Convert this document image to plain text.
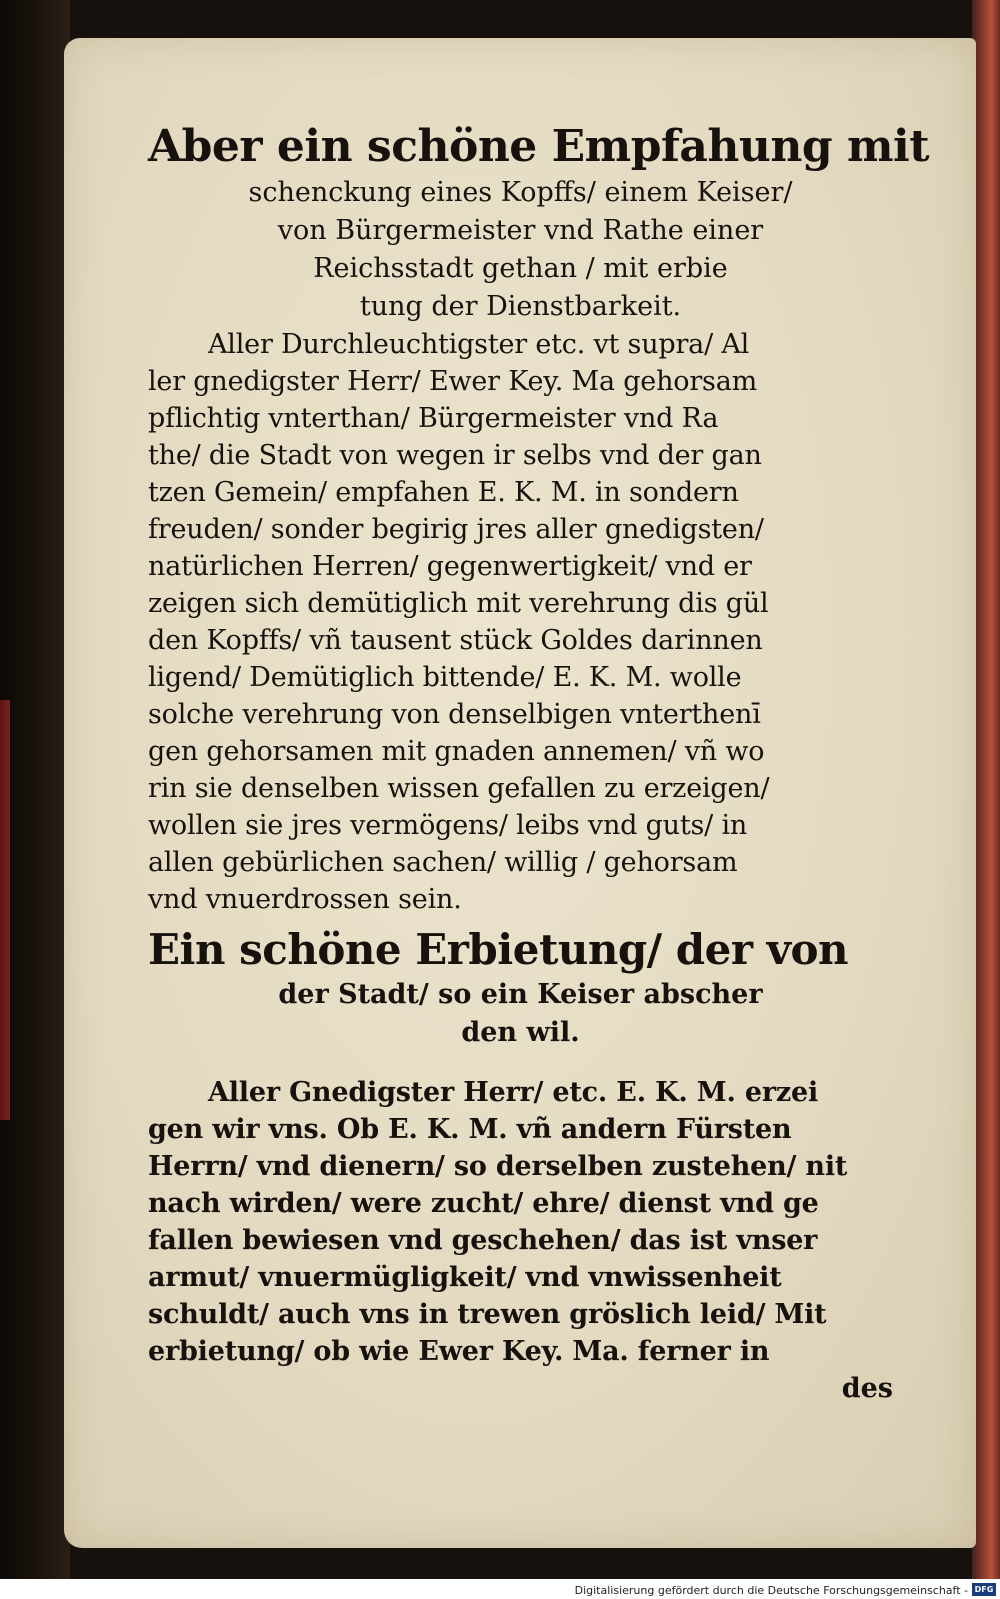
Aber ein schöne Empfahung mit
schenckung eines Kopffs/ einem Keiser/
von Bürgermeister vnd Rathe einer
Reichsstadt gethan / mit erbie
tung der Dienstbarkeit.
Aller Durchleuchtigster etc. vt supra/ Al
ler gnedigster Herr/ Ewer Key. Ma gehorsam
pflichtig vnterthan/ Bürgermeister vnd Ra
the/ die Stadt von wegen ir selbs vnd der gan
tzen Gemein/ empfahen E. K. M. in sondern
freuden/ sonder begirig jres aller gnedigsten/
natürlichen Herren/ gegenwertigkeit/ vnd er
zeigen sich demütiglich mit verehrung dis gül
den Kopffs/ vñ tausent stück Goldes darinnen
ligend/ Demütiglich bittende/ E. K. M. wolle
solche verehrung von denselbigen vnterthenī
gen gehorsamen mit gnaden annemen/ vñ wo
rin sie denselben wissen gefallen zu erzeigen/
wollen sie jres vermögens/ leibs vnd guts/ in
allen gebürlichen sachen/ willig / gehorsam
vnd vnuerdrossen sein.
Ein schöne Erbietung/ der von
der Stadt/ so ein Keiser abscher
den wil.
Aller Gnedigster Herr/ etc. E. K. M. erzei
gen wir vns. Ob E. K. M. vñ andern Fürsten
Herrn/ vnd dienern/ so derselben zustehen/ nit
nach wirden/ were zucht/ ehre/ dienst vnd ge
fallen bewiesen vnd geschehen/ das ist vnser
armut/ vnuermügligkeit/ vnd vnwissenheit
schuldt/ auch vns in trewen gröslich leid/ Mit
erbietung/ ob wie Ewer Key. Ma. ferner in
des
Digitalisierung gefördert durch die Deutsche Forschungsgemeinschaft - DFG
